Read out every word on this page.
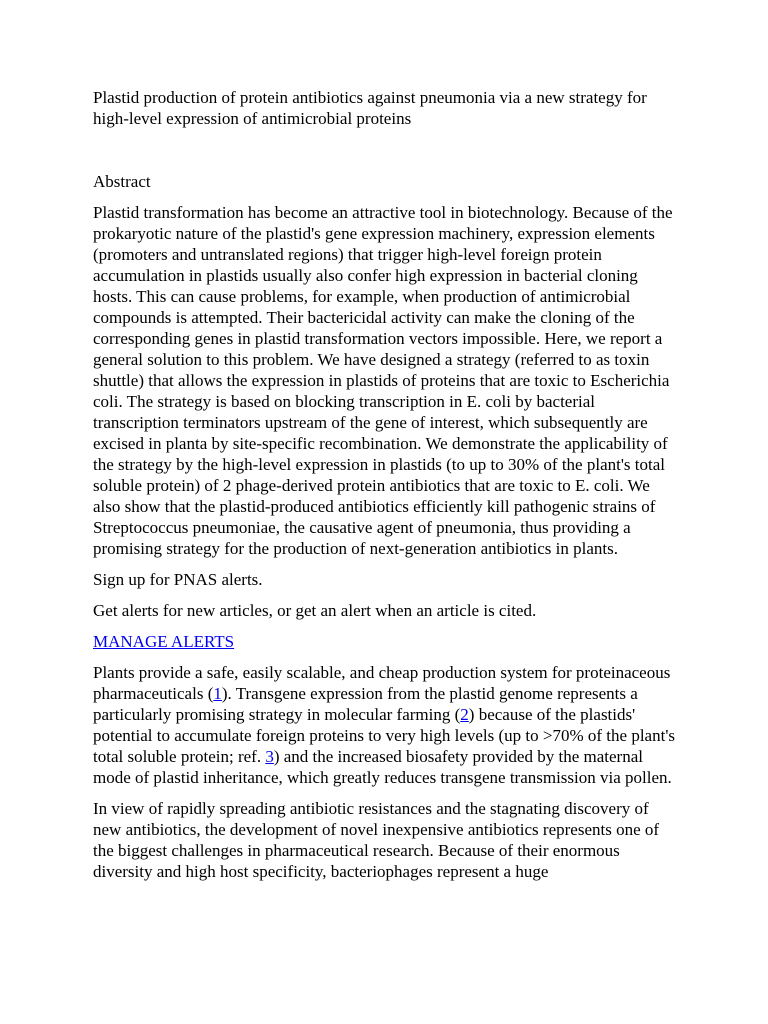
Plastid production of protein antibiotics against pneumonia via a new strategy for high-level expression of antimicrobial proteins
Abstract

Plastid transformation has become an attractive tool in biotechnology. Because of the prokaryotic nature of the plastid's gene expression machinery, expression elements (promoters and untranslated regions) that trigger high-level foreign protein accumulation in plastids usually also confer high expression in bacterial cloning hosts. This can cause problems, for example, when production of antimicrobial compounds is attempted. Their bactericidal activity can make the cloning of the corresponding genes in plastid transformation vectors impossible. Here, we report a general solution to this problem. We have designed a strategy (referred to as toxin shuttle) that allows the expression in plastids of proteins that are toxic to Escherichia coli. The strategy is based on blocking transcription in E. coli by bacterial transcription terminators upstream of the gene of interest, which subsequently are excised in planta by site-specific recombination. We demonstrate the applicability of the strategy by the high-level expression in plastids (to up to 30% of the plant's total soluble protein) of 2 phage-derived protein antibiotics that are toxic to E. coli. We also show that the plastid-produced antibiotics efficiently kill pathogenic strains of Streptococcus pneumoniae, the causative agent of pneumonia, thus providing a promising strategy for the production of next-generation antibiotics in plants.

Sign up for PNAS alerts.

Get alerts for new articles, or get an alert when an article is cited.

MANAGE ALERTS

Plants provide a safe, easily scalable, and cheap production system for proteinaceous pharmaceuticals (1). Transgene expression from the plastid genome represents a particularly promising strategy in molecular farming (2) because of the plastids' potential to accumulate foreign proteins to very high levels (up to >70% of the plant's total soluble protein; ref. 3) and the increased biosafety provided by the maternal mode of plastid inheritance, which greatly reduces transgene transmission via pollen.

In view of rapidly spreading antibiotic resistances and the stagnating discovery of new antibiotics, the development of novel inexpensive antibiotics represents one of the biggest challenges in pharmaceutical research. Because of their enormous diversity and high host specificity, bacteriophages represent a huge
